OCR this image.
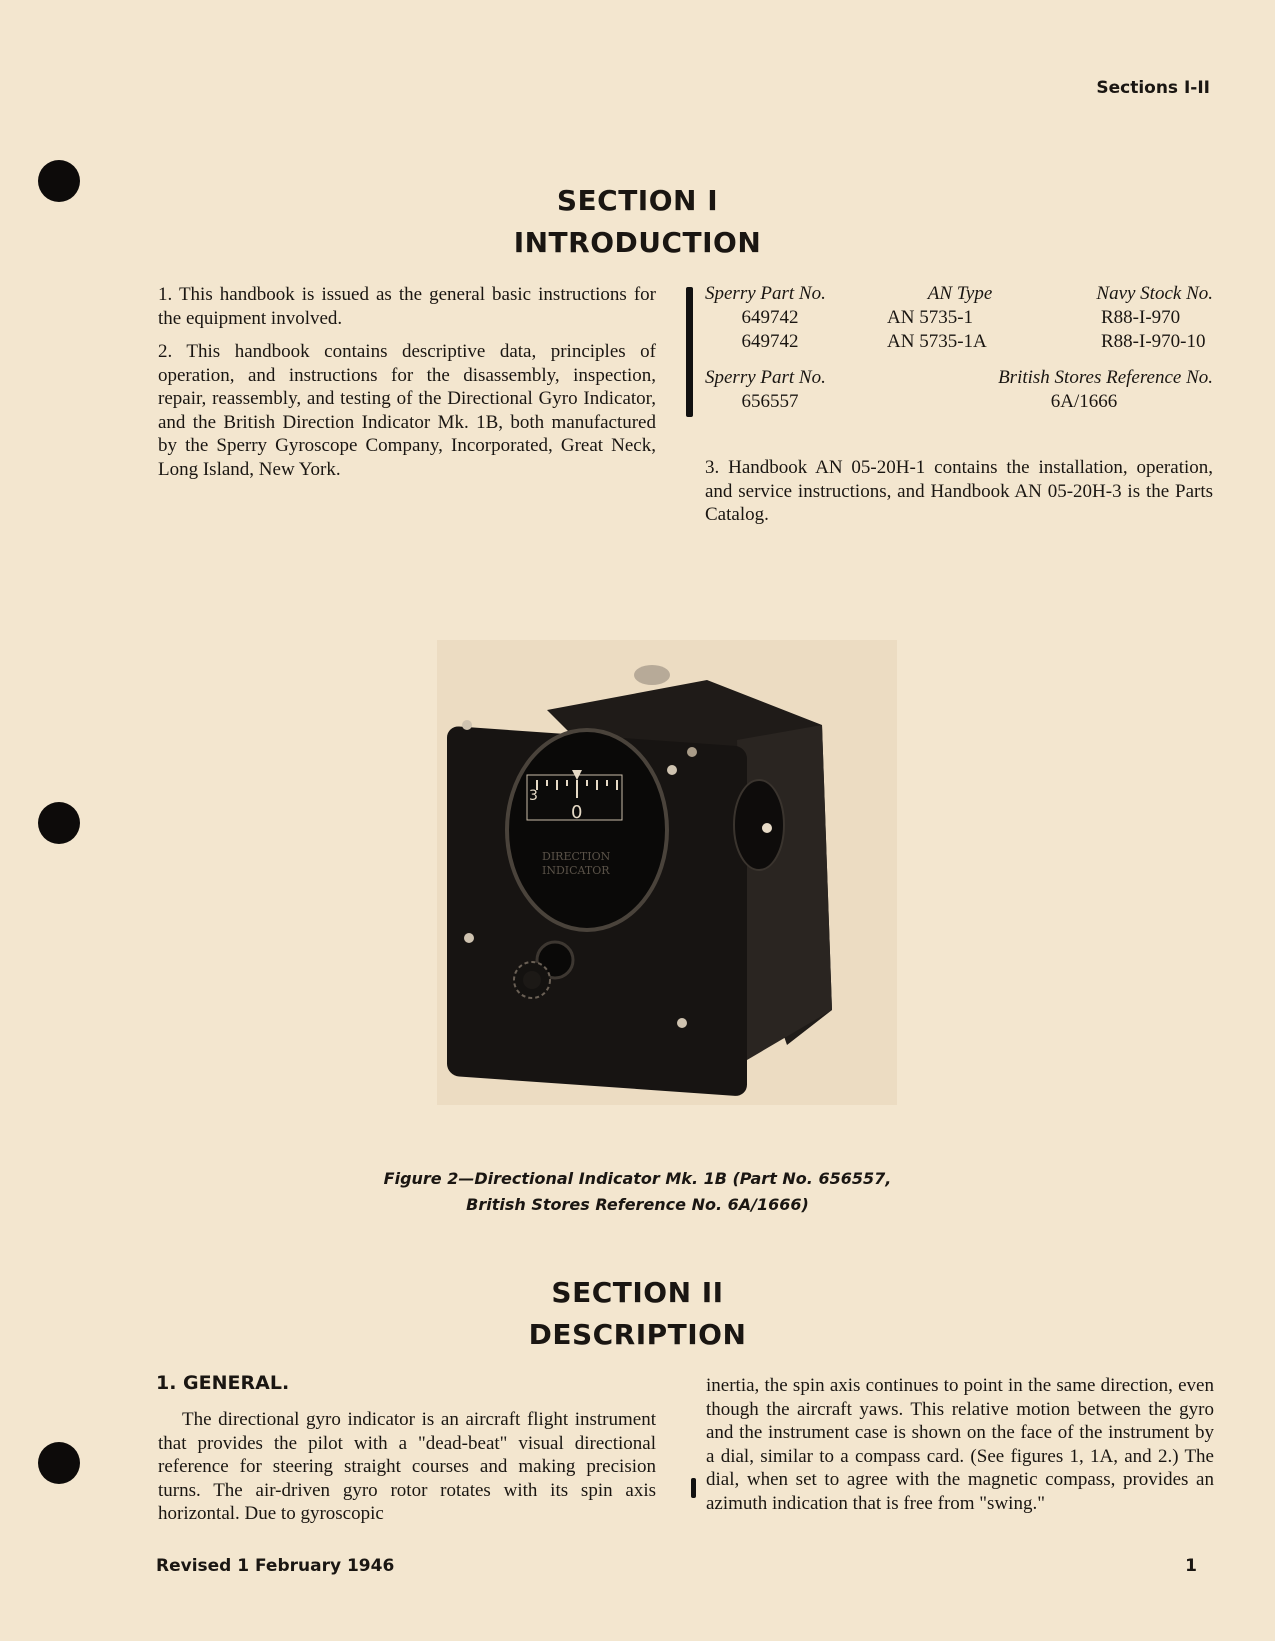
Sections I-II
SECTION I
INTRODUCTION

1. This handbook is issued as the general basic instructions for the equipment involved.

2. This handbook contains descriptive data, principles of operation, and instructions for the disassembly, inspection, repair, reassembly, and testing of the Directional Gyro Indicator, and the British Direction Indicator Mk. 1B, both manufactured by the Sperry Gyroscope Company, Incorporated, Great Neck, Long Island, New York.

Sperry Part No.	AN Type	Navy Stock No.
649742	AN 5735-1	R88-I-970
649742	AN 5735-1A	R88-I-970-10
Sperry Part No.	British Stores Reference No.
656557	6A/1666
3. Handbook AN 05-20H-1 contains the installation, operation, and service instructions, and Handbook AN 05-20H-3 is the Parts Catalog.
3
0
DIRECTION
INDICATOR
Figure 2—Directional Indicator Mk. 1B (Part No. 656557,
British Stores Reference No. 6A/1666)
SECTION II
DESCRIPTION
1. GENERAL.
The directional gyro indicator is an aircraft flight instrument that provides the pilot with a "dead-beat" visual directional reference for steering straight courses and making precision turns. The air-driven gyro rotor rotates with its spin axis horizontal. Due to gyroscopic
inertia, the spin axis continues to point in the same direction, even though the aircraft yaws. This relative motion between the gyro and the instrument case is shown on the face of the instrument by a dial, similar to a compass card. (See figures 1, 1A, and 2.) The dial, when set to agree with the magnetic compass, provides an azimuth indication that is free from "swing."
Revised 1 February 1946	1
